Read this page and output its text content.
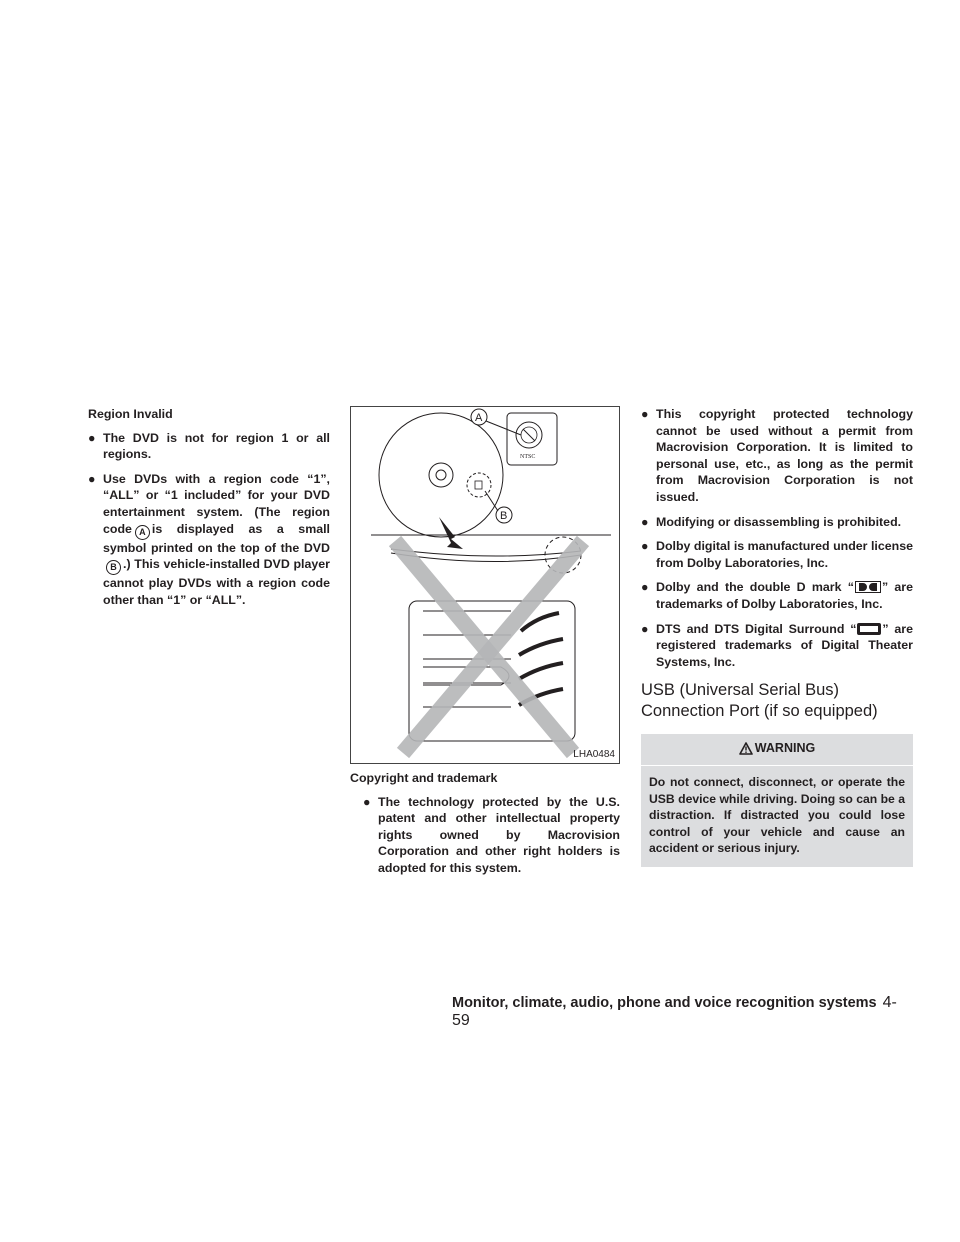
Region Invalid

● The DVD is not for region 1 or all regions.

● Use DVDs with a region code “1”, “ALL” or “1 included” for your DVD entertainment system. (The region code A is displayed as a small symbol printed on the top of the DVD B .) This vehicle-installed DVD player cannot play DVDs with a region code other than “1” or “ALL”.

NTSC
A
B
LHA0484

Copyright and trademark

● The technology protected by the U.S. patent and other intellectual property rights owned by Macrovision Corporation and other right holders is adopted for this system.

● This copyright protected technology cannot be used without a permit from Macrovision Corporation. It is limited to personal use, etc., as long as the permit from Macrovision Corporation is not issued.

● Modifying or disassembling is prohibited.

● Dolby digital is manufactured under license from Dolby Laboratories, Inc.

● Dolby and the double D mark “ ” are trademarks of Dolby Laboratories, Inc.

● DTS and DTS Digital Surround “ ” are registered trademarks of Digital Theater Systems, Inc.

USB (Universal Serial Bus) Connection Port (if so equipped)

WARNING
Do not connect, disconnect, or operate the USB device while driving. Doing so can be a distraction. If distracted you could lose control of your vehicle and cause an accident or serious injury.
Monitor, climate, audio, phone and voice recognition systems 4-59
